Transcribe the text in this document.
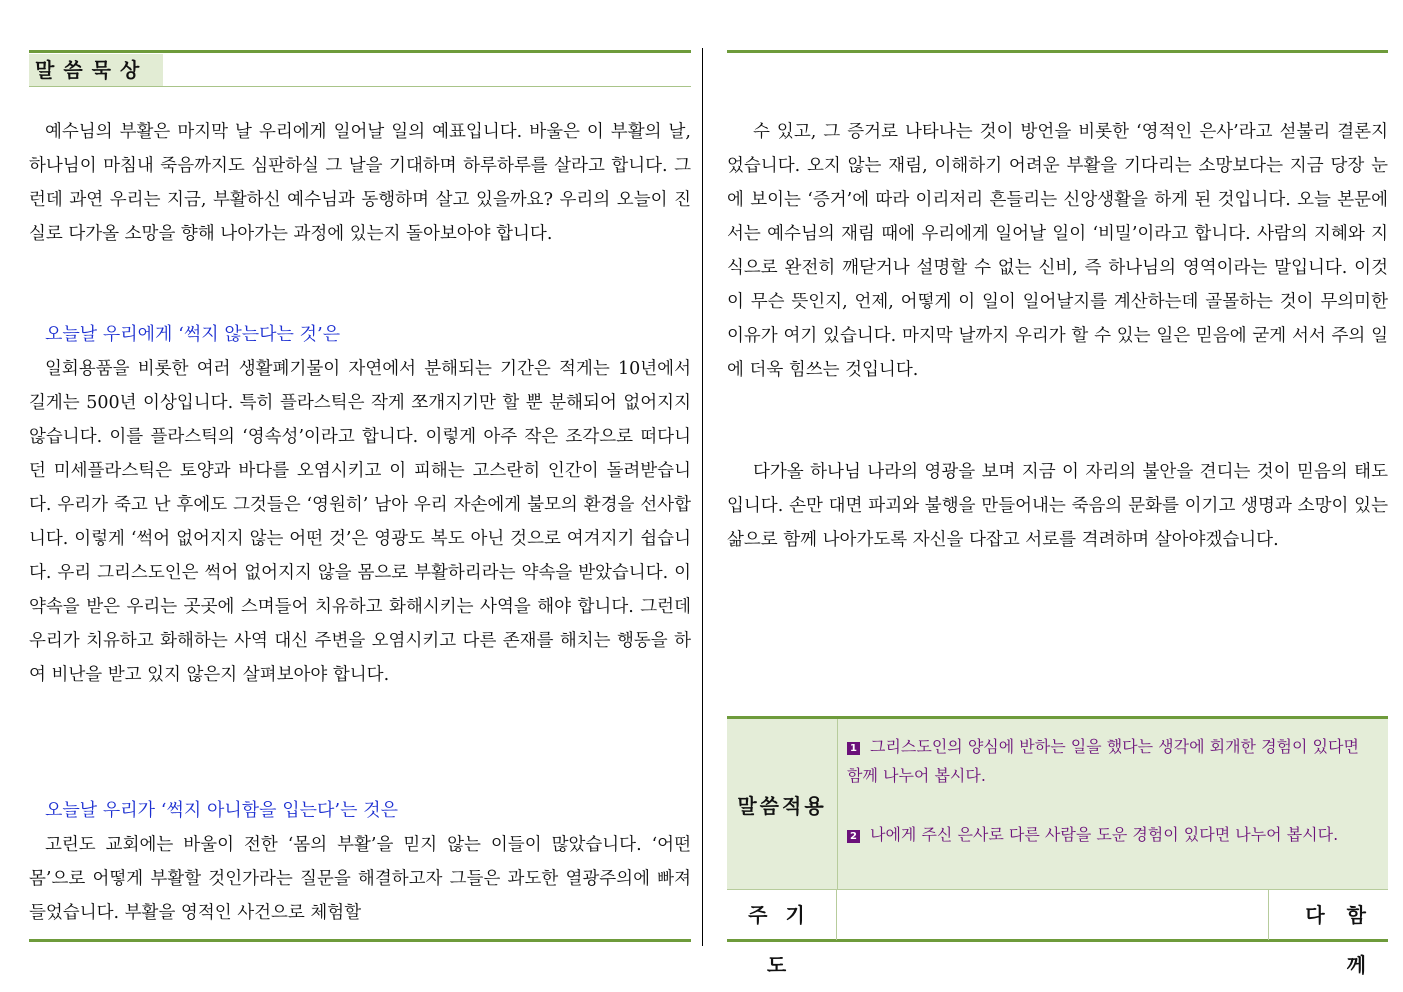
말씀묵상
예수님의 부활은 마지막 날 우리에게 일어날 일의 예표입니다. 바울은 이 부활의 날, 하나님이 마침내 죽음까지도 심판하실 그 날을 기대하며 하루하루를 살라고 합니다. 그런데 과연 우리는 지금, 부활하신 예수님과 동행하며 살고 있을까요? 우리의 오늘이 진실로 다가올 소망을 향해 나아가는 과정에 있는지 돌아보아야 합니다.
오늘날 우리에게 ‘썩지 않는다는 것’은
일회용품을 비롯한 여러 생활폐기물이 자연에서 분해되는 기간은 적게는 10년에서 길게는 500년 이상입니다. 특히 플라스틱은 작게 쪼개지기만 할 뿐 분해되어 없어지지 않습니다. 이를 플라스틱의 ‘영속성’이라고 합니다. 이렇게 아주 작은 조각으로 떠다니던 미세플라스틱은 토양과 바다를 오염시키고 이 피해는 고스란히 인간이 돌려받습니다. 우리가 죽고 난 후에도 그것들은 ‘영원히’ 남아 우리 자손에게 불모의 환경을 선사합니다. 이렇게 ‘썩어 없어지지 않는 어떤 것’은 영광도 복도 아닌 것으로 여겨지기 쉽습니다. 우리 그리스도인은 썩어 없어지지 않을 몸으로 부활하리라는 약속을 받았습니다. 이 약속을 받은 우리는 곳곳에 스며들어 치유하고 화해시키는 사역을 해야 합니다. 그런데 우리가 치유하고 화해하는 사역 대신 주변을 오염시키고 다른 존재를 해치는 행동을 하여 비난을 받고 있지 않은지 살펴보아야 합니다.
오늘날 우리가 ‘썩지 아니함을 입는다’는 것은
고린도 교회에는 바울이 전한 ‘몸의 부활’을 믿지 않는 이들이 많았습니다. ‘어떤 몸’으로 어떻게 부활할 것인가라는 질문을 해결하고자 그들은 과도한 열광주의에 빠져들었습니다. 부활을 영적인 사건으로 체험할
수 있고, 그 증거로 나타나는 것이 방언을 비롯한 ‘영적인 은사’라고 섣불리 결론지었습니다. 오지 않는 재림, 이해하기 어려운 부활을 기다리는 소망보다는 지금 당장 눈에 보이는 ‘증거’에 따라 이리저리 흔들리는 신앙생활을 하게 된 것입니다. 오늘 본문에서는 예수님의 재림 때에 우리에게 일어날 일이 ‘비밀’이라고 합니다. 사람의 지혜와 지식으로 완전히 깨닫거나 설명할 수 없는 신비, 즉 하나님의 영역이라는 말입니다. 이것이 무슨 뜻인지, 언제, 어떻게 이 일이 일어날지를 계산하는데 골몰하는 것이 무의미한 이유가 여기 있습니다. 마지막 날까지 우리가 할 수 있는 일은 믿음에 굳게 서서 주의 일에 더욱 힘쓰는 것입니다.
다가올 하나님 나라의 영광을 보며 지금 이 자리의 불안을 견디는 것이 믿음의 태도입니다. 손만 대면 파괴와 불행을 만들어내는 죽음의 문화를 이기고 생명과 소망이 있는 삶으로 함께 나아가도록 자신을 다잡고 서로를 격려하며 살아야겠습니다.
말씀적용
1 그리스도인의 양심에 반하는 일을 했다는 생각에 회개한 경험이 있다면 함께 나누어 봅시다.
2 나에게 주신 은사로 다른 사람을 도운 경험이 있다면 나누어 봅시다.
주기도
다함께
